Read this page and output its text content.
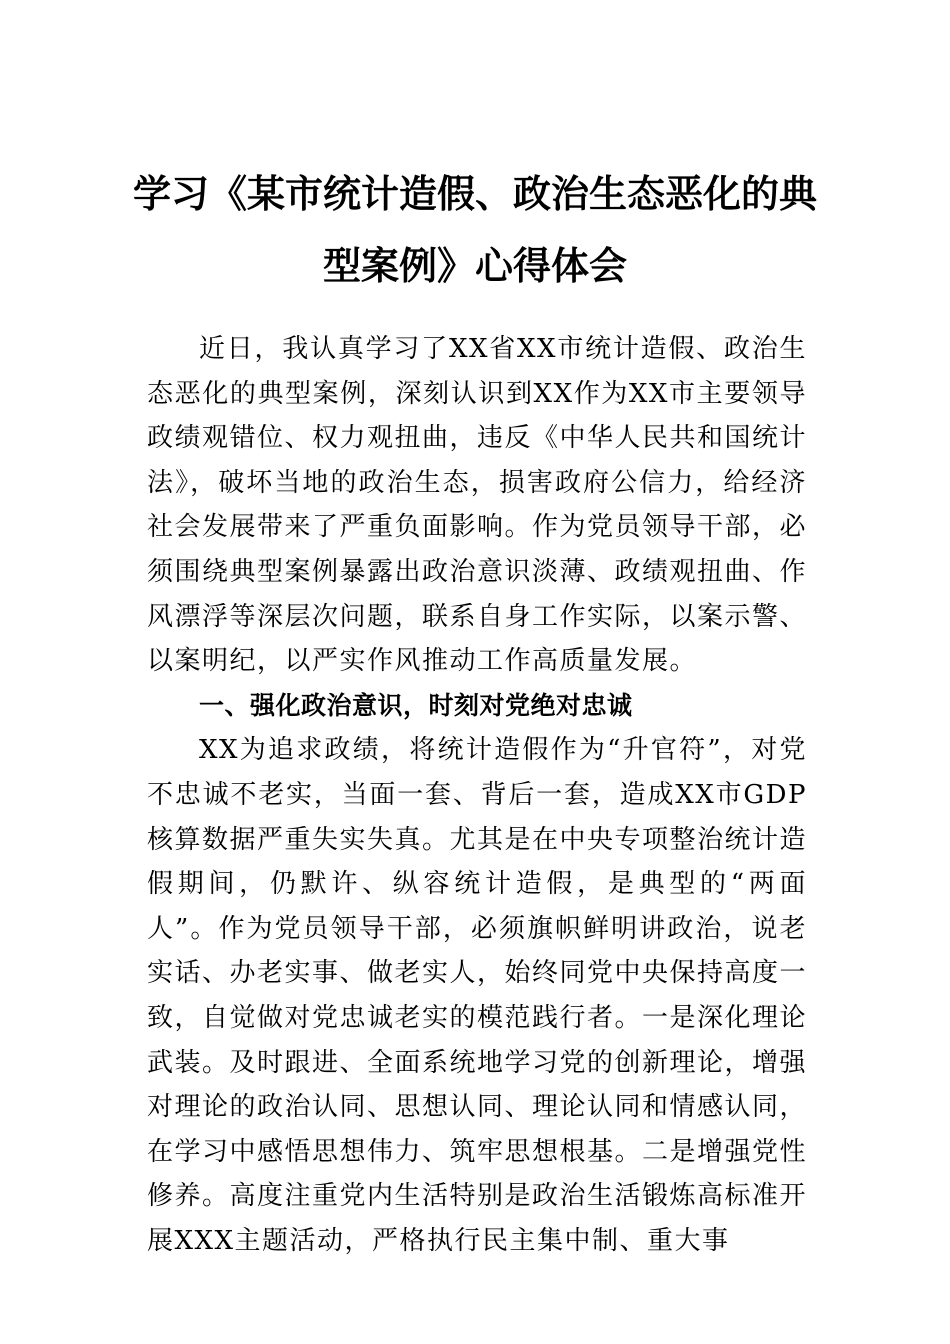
学习《某市统计造假、政治生态恶化的典
型案例》心得体会

近日，我认真学习了XX省XX市统计造假、政治生态恶化的典型案例，深刻认识到XX作为XX市主要领导政绩观错位、权力观扭曲，违反《中华人民共和国统计法》，破坏当地的政治生态，损害政府公信力，给经济社会发展带来了严重负面影响。作为党员领导干部，必须围绕典型案例暴露出政治意识淡薄、政绩观扭曲、作风漂浮等深层次问题，联系自身工作实际，以案示警、以案明纪，以严实作风推动工作高质量发展。

一、强化政治意识，时刻对党绝对忠诚

XX为追求政绩，将统计造假作为“升官符”，对党不忠诚不老实，当面一套、背后一套，造成XX市GDP核算数据严重失实失真。尤其是在中央专项整治统计造假期间，仍默许、纵容统计造假，是典型的“两面人”。作为党员领导干部，必须旗帜鲜明讲政治，说老实话、办老实事、做老实人，始终同党中央保持高度一致，自觉做对党忠诚老实的模范践行者。一是深化理论武装。及时跟进、全面系统地学习党的创新理论，增强对理论的政治认同、思想认同、理论认同和情感认同，在学习中感悟思想伟力、筑牢思想根基。二是增强党性修养。高度注重党内生活特别是政治生活锻炼高标准开展XXX主题活动，严格执行民主集中制、重大事
